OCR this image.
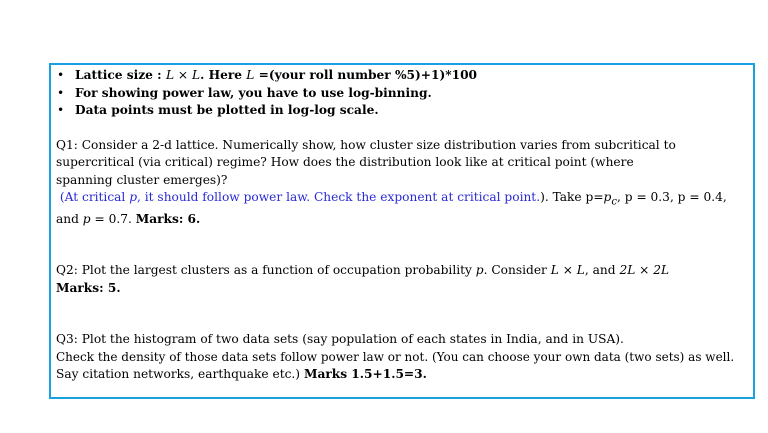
• Lattice size : L × L. Here L =(your roll number %5)+1)*100
• For showing power law, you have to use log-binning.
• Data points must be plotted in log-log scale.

Q1: Consider a 2-d lattice. Numerically show, how cluster size distribution varies from subcritical to

supercritical (via critical) regime? How does the distribution look like at critical point (where

spanning cluster emerges)?

(At critical p, it should follow power law. Check the exponent at critical point.). Take $p=p_c$, p = 0.3, p = 0.4,

and p = 0.7. Marks: 6.

Q2: Plot the largest clusters as a function of occupation probability p. Consider L × L, and 2L × 2L

Marks: 5.

Q3: Plot the histogram of two data sets (say population of each states in India, and in USA).

Check the density of those data sets follow power law or not. (You can choose your own data (two sets) as well.

Say citation networks, earthquake etc.) Marks 1.5+1.5=3.
